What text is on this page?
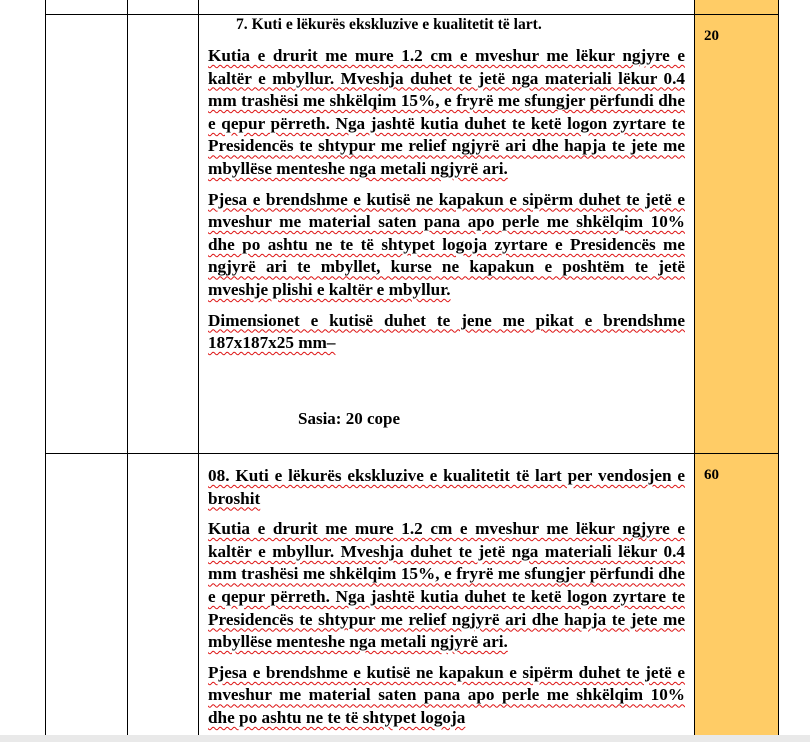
7. Kuti e lëkurës ekskluzive e kualitetit të lart.
20

Kutia e drurit me mure 1.2 cm e mveshur me lëkur ngjyre e kaltër e mbyllur. Mveshja duhet te jetë nga materiali lëkur 0.4 mm trashësi me shkëlqim 15%, e fryrë me sfungjer përfundi dhe e qepur përreth. Nga jashtë kutia duhet te ketë logon zyrtare te Presidencës te shtypur me relief ngjyrë ari dhe hapja te jete me mbyllëse menteshe nga metali ngjyrë ari.

Pjesa e brendshme e kutisë ne kapakun e sipërm duhet te jetë e mveshur me material saten pana apo perle me shkëlqim 10% dhe po ashtu ne te të shtypet logoja zyrtare e Presidencës me ngjyrë ari te mbyllet, kurse ne kapakun e poshtëm te jetë mveshje plishi e kaltër e mbyllur.

Dimensionet e kutisë duhet te jene me pikat e brendshme 187x187x25 mm–

Sasia: 20 cope
60

08. Kuti e lëkurës ekskluzive e kualitetit të lart per vendosjen e broshit

Kutia e drurit me mure 1.2 cm e mveshur me lëkur ngjyre e kaltër e mbyllur. Mveshja duhet te jetë nga materiali lëkur 0.4 mm trashësi me shkëlqim 15%, e fryrë me sfungjer përfundi dhe e qepur përreth. Nga jashtë kutia duhet te ketë logon zyrtare te Presidencës te shtypur me relief ngjyrë ari dhe hapja te jete me mbyllëse menteshe nga metali ngjyrë ari.

Pjesa e brendshme e kutisë ne kapakun e sipërm duhet te jetë e mveshur me material saten pana apo perle me shkëlqim 10% dhe po ashtu ne te të shtypet logoja
